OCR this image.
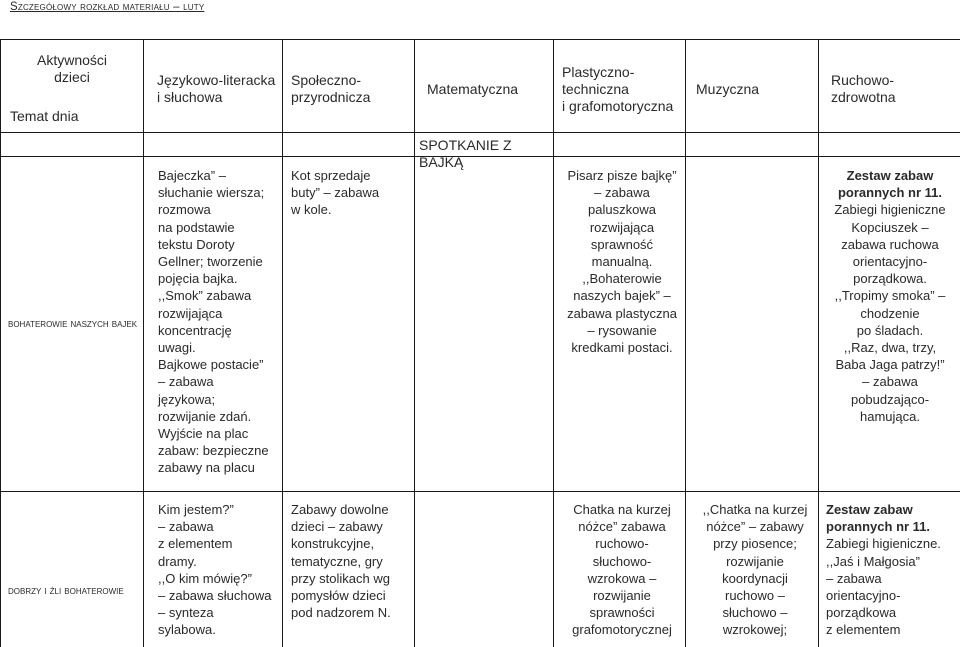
Szczegółowy rozkład materiału – luty
Aktywności
dzieci
Temat dnia
Językowo-literacka
i słuchowa
Społeczno-
przyrodnicza	Matematyczna
Plastyczno-
techniczna
i grafomotoryczna
Muzyczna
Ruchowo-
zdrowotna
SPOTKANIE Z BAJKĄ
bohaterowie naszych bajek
Bajeczka” –
słuchanie wiersza;
rozmowa
na podstawie
tekstu Doroty
Gellner; tworzenie
pojęcia bajka.
,,Smok” zabawa
rozwijająca
koncentrację
uwagi.
Bajkowe postacie”
– zabawa
językowa;
rozwijanie zdań.
Wyjście na plac
zabaw: bezpieczne
zabawy na placu
Kot sprzedaje
buty” – zabawa
w kole.
Pisarz pisze bajkę”
– zabawa
paluszkowa
rozwijająca
sprawność
manualną.
,,Bohaterowie
naszych bajek” –
zabawa plastyczna
– rysowanie
kredkami postaci.
Zestaw zabaw
porannych nr 11.
Zabiegi higieniczne
Kopciuszek –
zabawa ruchowa
orientacyjno-
porządkowa.
,,Tropimy smoka” –
chodzenie
po śladach.
,,Raz, dwa, trzy,
Baba Jaga patrzy!”
– zabawa
pobudzająco-
hamująca.
dobrzy i źli bohaterowie
Kim jestem?”
– zabawa
z elementem
dramy.
,,O kim mówię?”
– zabawa słuchowa
– synteza
sylabowa.
Zabawy dowolne
dzieci – zabawy
konstrukcyjne,
tematyczne, gry
przy stolikach wg
pomysłów dzieci
pod nadzorem N.
Chatka na kurzej
nóżce” zabawa
ruchowo-
słuchowo-
wzrokowa –
rozwijanie
sprawności
grafomotorycznej
,,Chatka na kurzej
nóżce” – zabawy
przy piosence;
rozwijanie
koordynacji
ruchowo –
słuchowo –
wzrokowej;
Zestaw zabaw
porannych nr 11.
Zabiegi higieniczne.
,,Jaś i Małgosia”
– zabawa
orientacyjno-
porządkowa
z elementem
